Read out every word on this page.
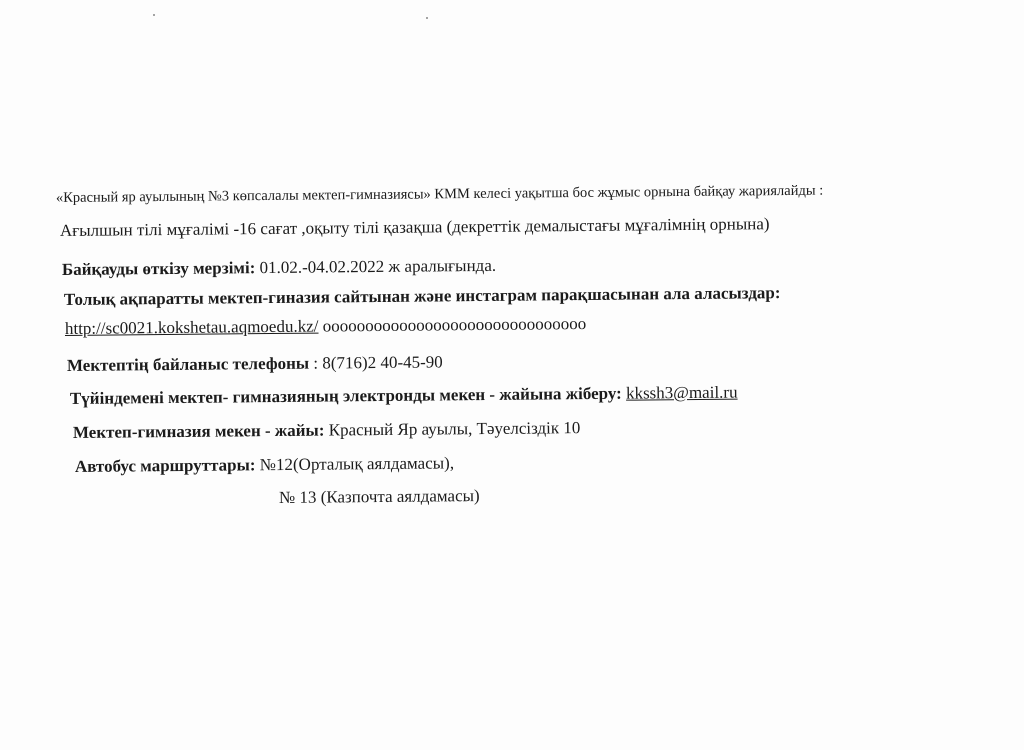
«Красный яр ауылының №3 көпсалалы мектеп-гимназиясы» КММ келесі уақытша бос жұмыс орнына байқау жариялайды :
Ағылшын тілі мұғалімі -16 сағат ,оқыту тілі қазақша (декреттік демалыстағы мұғалімнің орнына)
Байқауды өткізу мерзімі: 01.02.-04.02.2022 ж аралығында.
Толық ақпаратты мектеп-гиназия сайтынан және инстаграм парақшасынан ала аласыздар:
http://sc0021.kokshetau.aqmoedu.kz/ ooooooooooooooooooooooooooooooo
Мектептің байланыс телефоны : 8(716)2 40-45-90
Түйіндемені мектеп- гимназияның электронды мекен - жайына жіберу: kkssh3@mail.ru
Мектеп-гимназия мекен - жайы: Красный Яр ауылы, Тәуелсіздік 10
Автобус маршруттары: №12(Орталық аялдамасы),
№ 13 (Казпочта аялдамасы)
